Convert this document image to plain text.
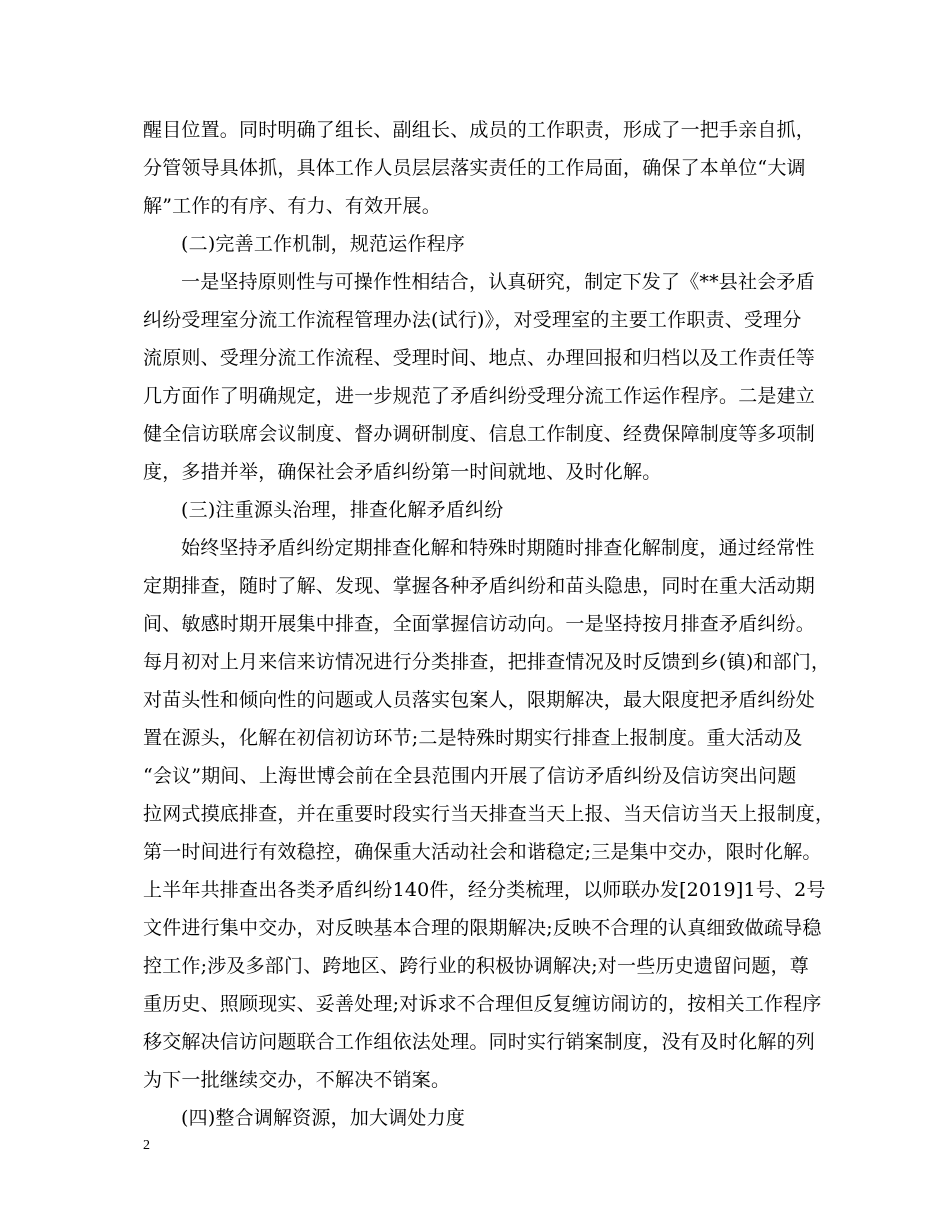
醒目位置。同时明确了组长、副组长、成员的工作职责，形成了一把手亲自抓，
分管领导具体抓，具体工作人员层层落实责任的工作局面，确保了本单位“大调
解”工作的有序、有力、有效开展。
(二)完善工作机制，规范运作程序
一是坚持原则性与可操作性相结合，认真研究，制定下发了《**县社会矛盾
纠纷受理室分流工作流程管理办法(试行)》，对受理室的主要工作职责、受理分
流原则、受理分流工作流程、受理时间、地点、办理回报和归档以及工作责任等
几方面作了明确规定，进一步规范了矛盾纠纷受理分流工作运作程序。二是建立
健全信访联席会议制度、督办调研制度、信息工作制度、经费保障制度等多项制
度，多措并举，确保社会矛盾纠纷第一时间就地、及时化解。
(三)注重源头治理，排查化解矛盾纠纷
始终坚持矛盾纠纷定期排查化解和特殊时期随时排查化解制度，通过经常性
定期排查，随时了解、发现、掌握各种矛盾纠纷和苗头隐患，同时在重大活动期
间、敏感时期开展集中排查，全面掌握信访动向。一是坚持按月排查矛盾纠纷。
每月初对上月来信来访情况进行分类排查，把排查情况及时反馈到乡(镇)和部门，
对苗头性和倾向性的问题或人员落实包案人，限期解决，最大限度把矛盾纠纷处
置在源头，化解在初信初访环节;二是特殊时期实行排查上报制度。重大活动及
“会议”期间、上海世博会前在全县范围内开展了信访矛盾纠纷及信访突出问题
拉网式摸底排查，并在重要时段实行当天排查当天上报、当天信访当天上报制度，
第一时间进行有效稳控，确保重大活动社会和谐稳定;三是集中交办，限时化解。
上半年共排查出各类矛盾纠纷140件，经分类梳理，以师联办发[2019]1号、2号
文件进行集中交办，对反映基本合理的限期解决;反映不合理的认真细致做疏导稳
控工作;涉及多部门、跨地区、跨行业的积极协调解决;对一些历史遗留问题，尊
重历史、照顾现实、妥善处理;对诉求不合理但反复缠访闹访的，按相关工作程序
移交解决信访问题联合工作组依法处理。同时实行销案制度，没有及时化解的列
为下一批继续交办，不解决不销案。
(四)整合调解资源，加大调处力度
2
